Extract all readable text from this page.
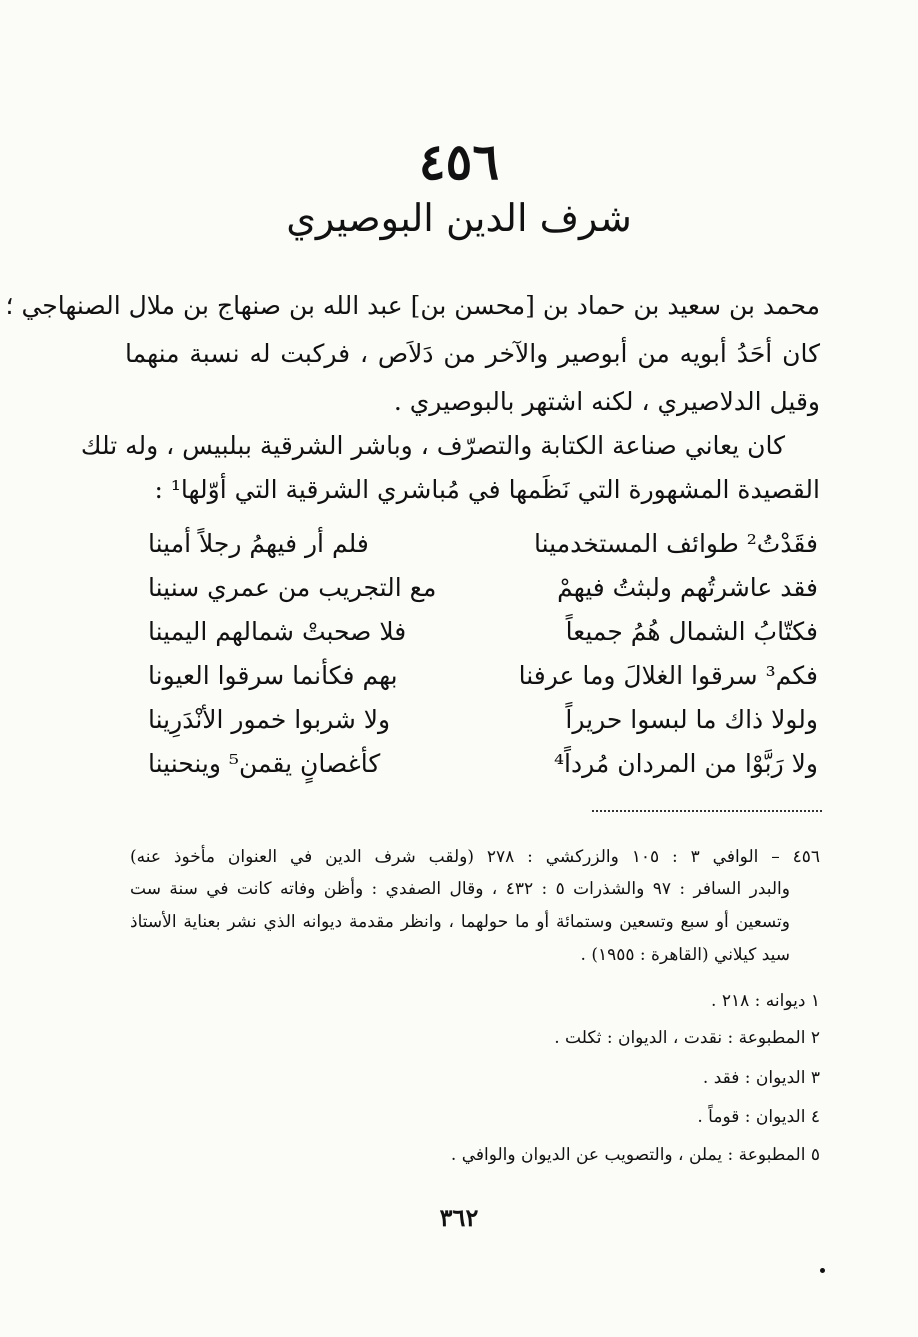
٤٥٦
شرف الدين البوصيري
محمد بن سعيد بن حماد بن [محسن بن] عبد الله بن صنهاج بن ملال الصنهاجي ؛
كان أحَدُ أبويه من أبوصير والآخر من دَلاَص ، فركبت له نسبة منهما
وقيل الدلاصيري ، لكنه اشتهر بالبوصيري .
كان يعاني صناعة الكتابة والتصرّف ، وباشر الشرقية ببلبيس ، وله تلك
القصيدة المشهورة التي نَظَمها في مُباشري الشرقية التي أوّلها¹ :
فقَدْتُ² طوائف المستخدمينا
فلم أر فيهمُ رجلاً أمينا
فقد عاشرتُهم ولبثتُ فيهمْ
مع التجريب من عمري سنينا
فكتّابُ الشمال هُمُ جميعاً
فلا صحبتْ شمالهم اليمينا
فكم³ سرقوا الغلالَ وما عرفنا
بهم فكأنما سرقوا العيونا
ولولا ذاك ما لبسوا حريراً
ولا شربوا خمور الأنْدَرِينا
ولا رَبَّوْا من المردان مُرداً⁴
كأغصانٍ يقمن⁵ وينحنينا
٤٥٦ – الوافي ٣ : ١٠٥ والزركشي : ٢٧٨ (ولقب شرف الدين في العنوان مأخوذ عنه)
والبدر السافر : ٩٧ والشذرات ٥ : ٤٣٢ ، وقال الصفدي : وأظن وفاته كانت في سنة ست
وتسعين أو سبع وتسعين وستمائة أو ما حولهما ، وانظر مقدمة ديوانه الذي نشر بعناية الأستاذ
سيد كيلاني (القاهرة : ١٩٥٥) .
١ ديوانه : ٢١٨ .
٢ المطبوعة : نقدت ، الديوان : ثكلت .
٣ الديوان : فقد .
٤ الديوان : قوماً .
٥ المطبوعة : يملن ، والتصويب عن الديوان والوافي .
٣٦٢
